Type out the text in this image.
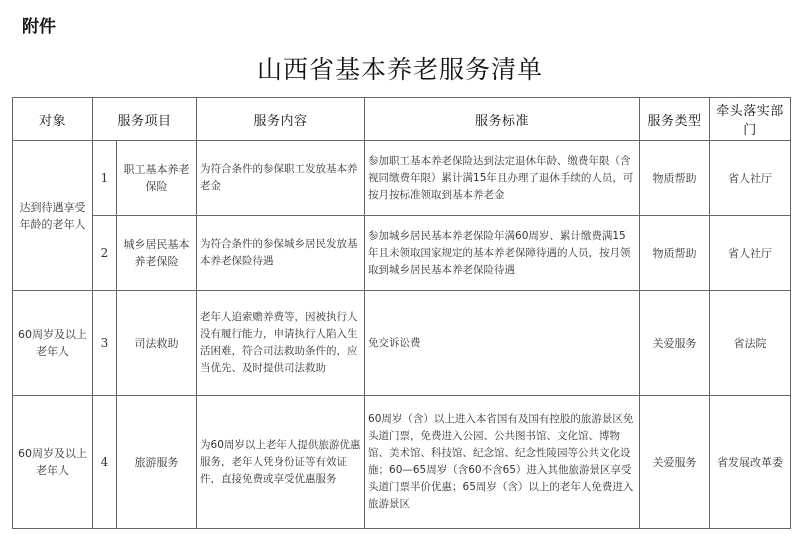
附件
山西省基本养老服务清单
对象	服务项目		服务内容	服务标准	服务类型	牵头落实部门
达到待遇享受年龄的老年人	1	职工基本养老保险	为符合条件的参保职工发放基本养老金	参加职工基本养老保险达到法定退休年龄、缴费年限（含视同缴费年限）累计满15年且办理了退休手续的人员，可按月按标准领取到基本养老金	物质帮助	省人社厅
	2	城乡居民基本养老保险	为符合条件的参保城乡居民发放基本养老保险待遇	参加城乡居民基本养老保险年满60周岁、累计缴费满15年且未领取国家规定的基本养老保障待遇的人员，按月领取到城乡居民基本养老保险待遇	物质帮助	省人社厅
60周岁及以上老年人	3	司法救助	老年人追索赡养费等，因被执行人没有履行能力，申请执行人陷入生活困难，符合司法救助条件的，应当优先、及时提供司法救助	免交诉讼费	关爱服务	省法院
60周岁及以上老年人	4	旅游服务	为60周岁以上老年人提供旅游优惠服务，老年人凭身份证等有效证件，直接免费或享受优惠服务	60周岁（含）以上进入本省国有及国有控股的旅游景区免头道门票，免费进入公园、公共图书馆、文化馆、博物馆、美术馆、科技馆、纪念馆、纪念性陵园等公共文化设施；60—65周岁（含60不含65）进入其他旅游景区享受头道门票半价优惠；65周岁（含）以上的老年人免费进入旅游景区	关爱服务	省发展改革委
